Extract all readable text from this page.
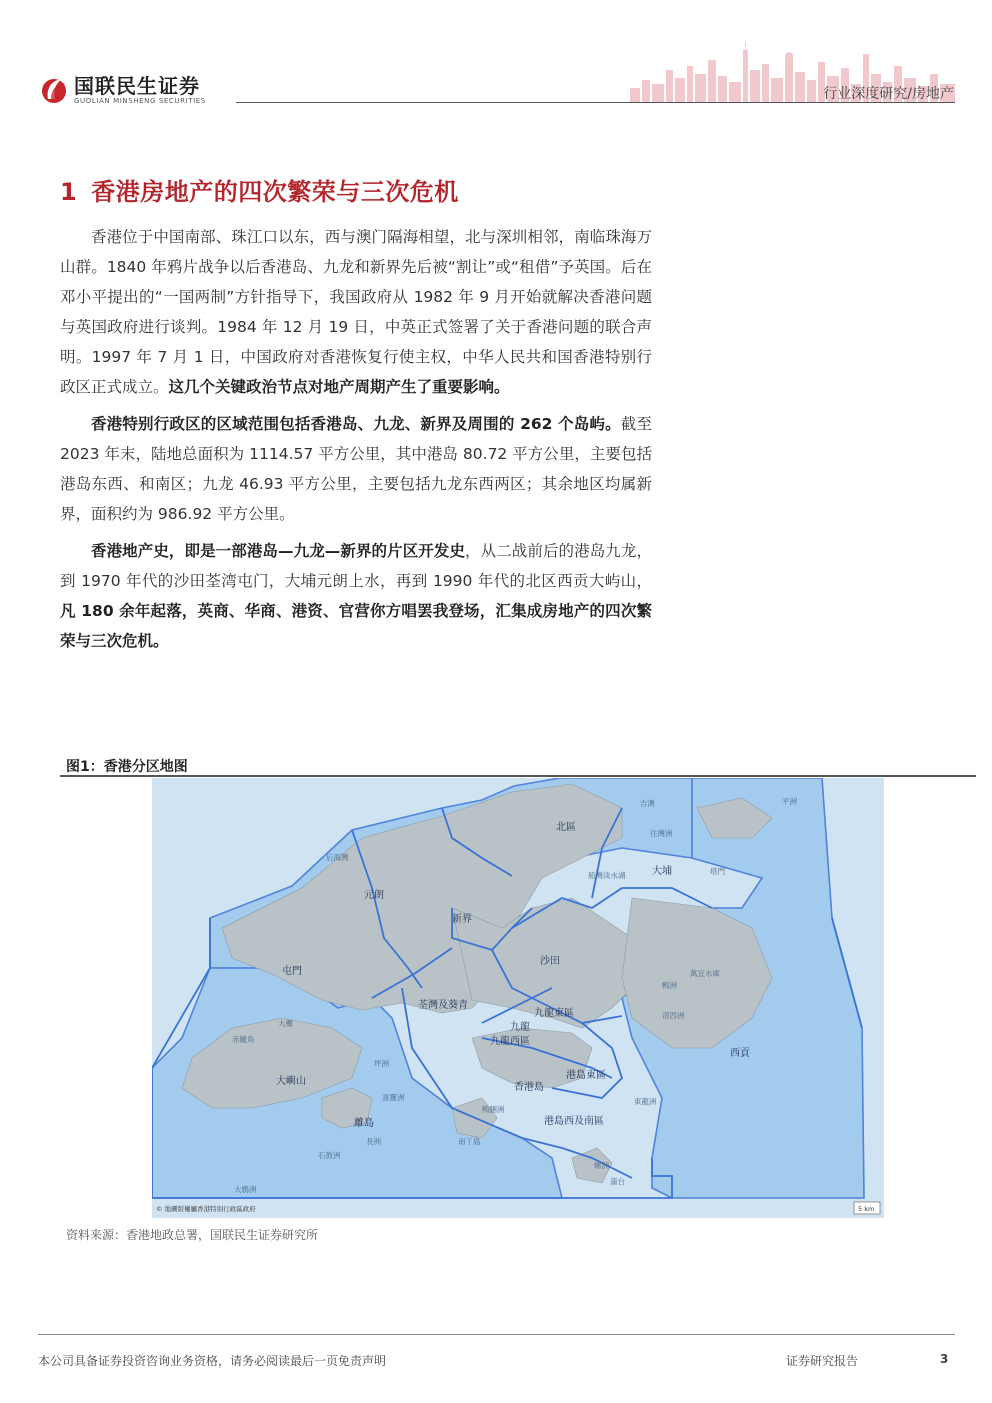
国联民生证券
GUOLIAN MINSHENG SECURITIES	行业深度研究/房地产
1 香港房地产的四次繁荣与三次危机

香港位于中国南部、珠江口以东，西与澳门隔海相望，北与深圳相邻，南临珠海万山群。1840 年鸦片战争以后香港岛、九龙和新界先后被“割让”或“租借”予英国。后在邓小平提出的“一国两制”方针指导下，我国政府从 1982 年 9 月开始就解决香港问题与英国政府进行谈判。1984 年 12 月 19 日，中英正式签署了关于香港问题的联合声明。1997 年 7 月 1 日，中国政府对香港恢复行使主权，中华人民共和国香港特别行政区正式成立。这几个关键政治节点对地产周期产生了重要影响。

香港特别行政区的区域范围包括香港岛、九龙、新界及周围的 262 个岛屿。截至 2023 年末，陆地总面积为 1114.57 平方公里，其中港岛 80.72 平方公里，主要包括港岛东西、和南区；九龙 46.93 平方公里，主要包括九龙东西两区；其余地区均属新界，面积约为 986.92 平方公里。

香港地产史，即是一部港岛—九龙—新界的片区开发史，从二战前后的港岛九龙，到 1970 年代的沙田荃湾屯门，大埔元朗上水，再到 1990 年代的北区西贡大屿山，凡 180 余年起落，英商、华商、港资、官营你方唱罢我登场，汇集成房地产的四次繁荣与三次危机。

图1：香港分区地图
北區
元朗
新界
屯門
沙田
大埔
荃灣及葵青
九龍
九龍東區
九龍西區
西貢
香港島
港島東區
港島西及南區
大嶼山
離島
吉澳	平洲
往灣洲
船灣淡水湖	塔門
后海灣
萬宜水庫
滘西洲
東龍洲
鴨洲
赤鱲角
大欖
坪洲
喜靈洲
長洲
石鼓洲
南丫島
蒲台
大鴉洲
鴨脷洲
螺洲
© 地圖版權屬香港特別行政區政府	5 km
资料来源：香港地政总署，国联民生证券研究所
本公司具备证券投资咨询业务资格，请务必阅读最后一页免责声明	证券研究报告	3
